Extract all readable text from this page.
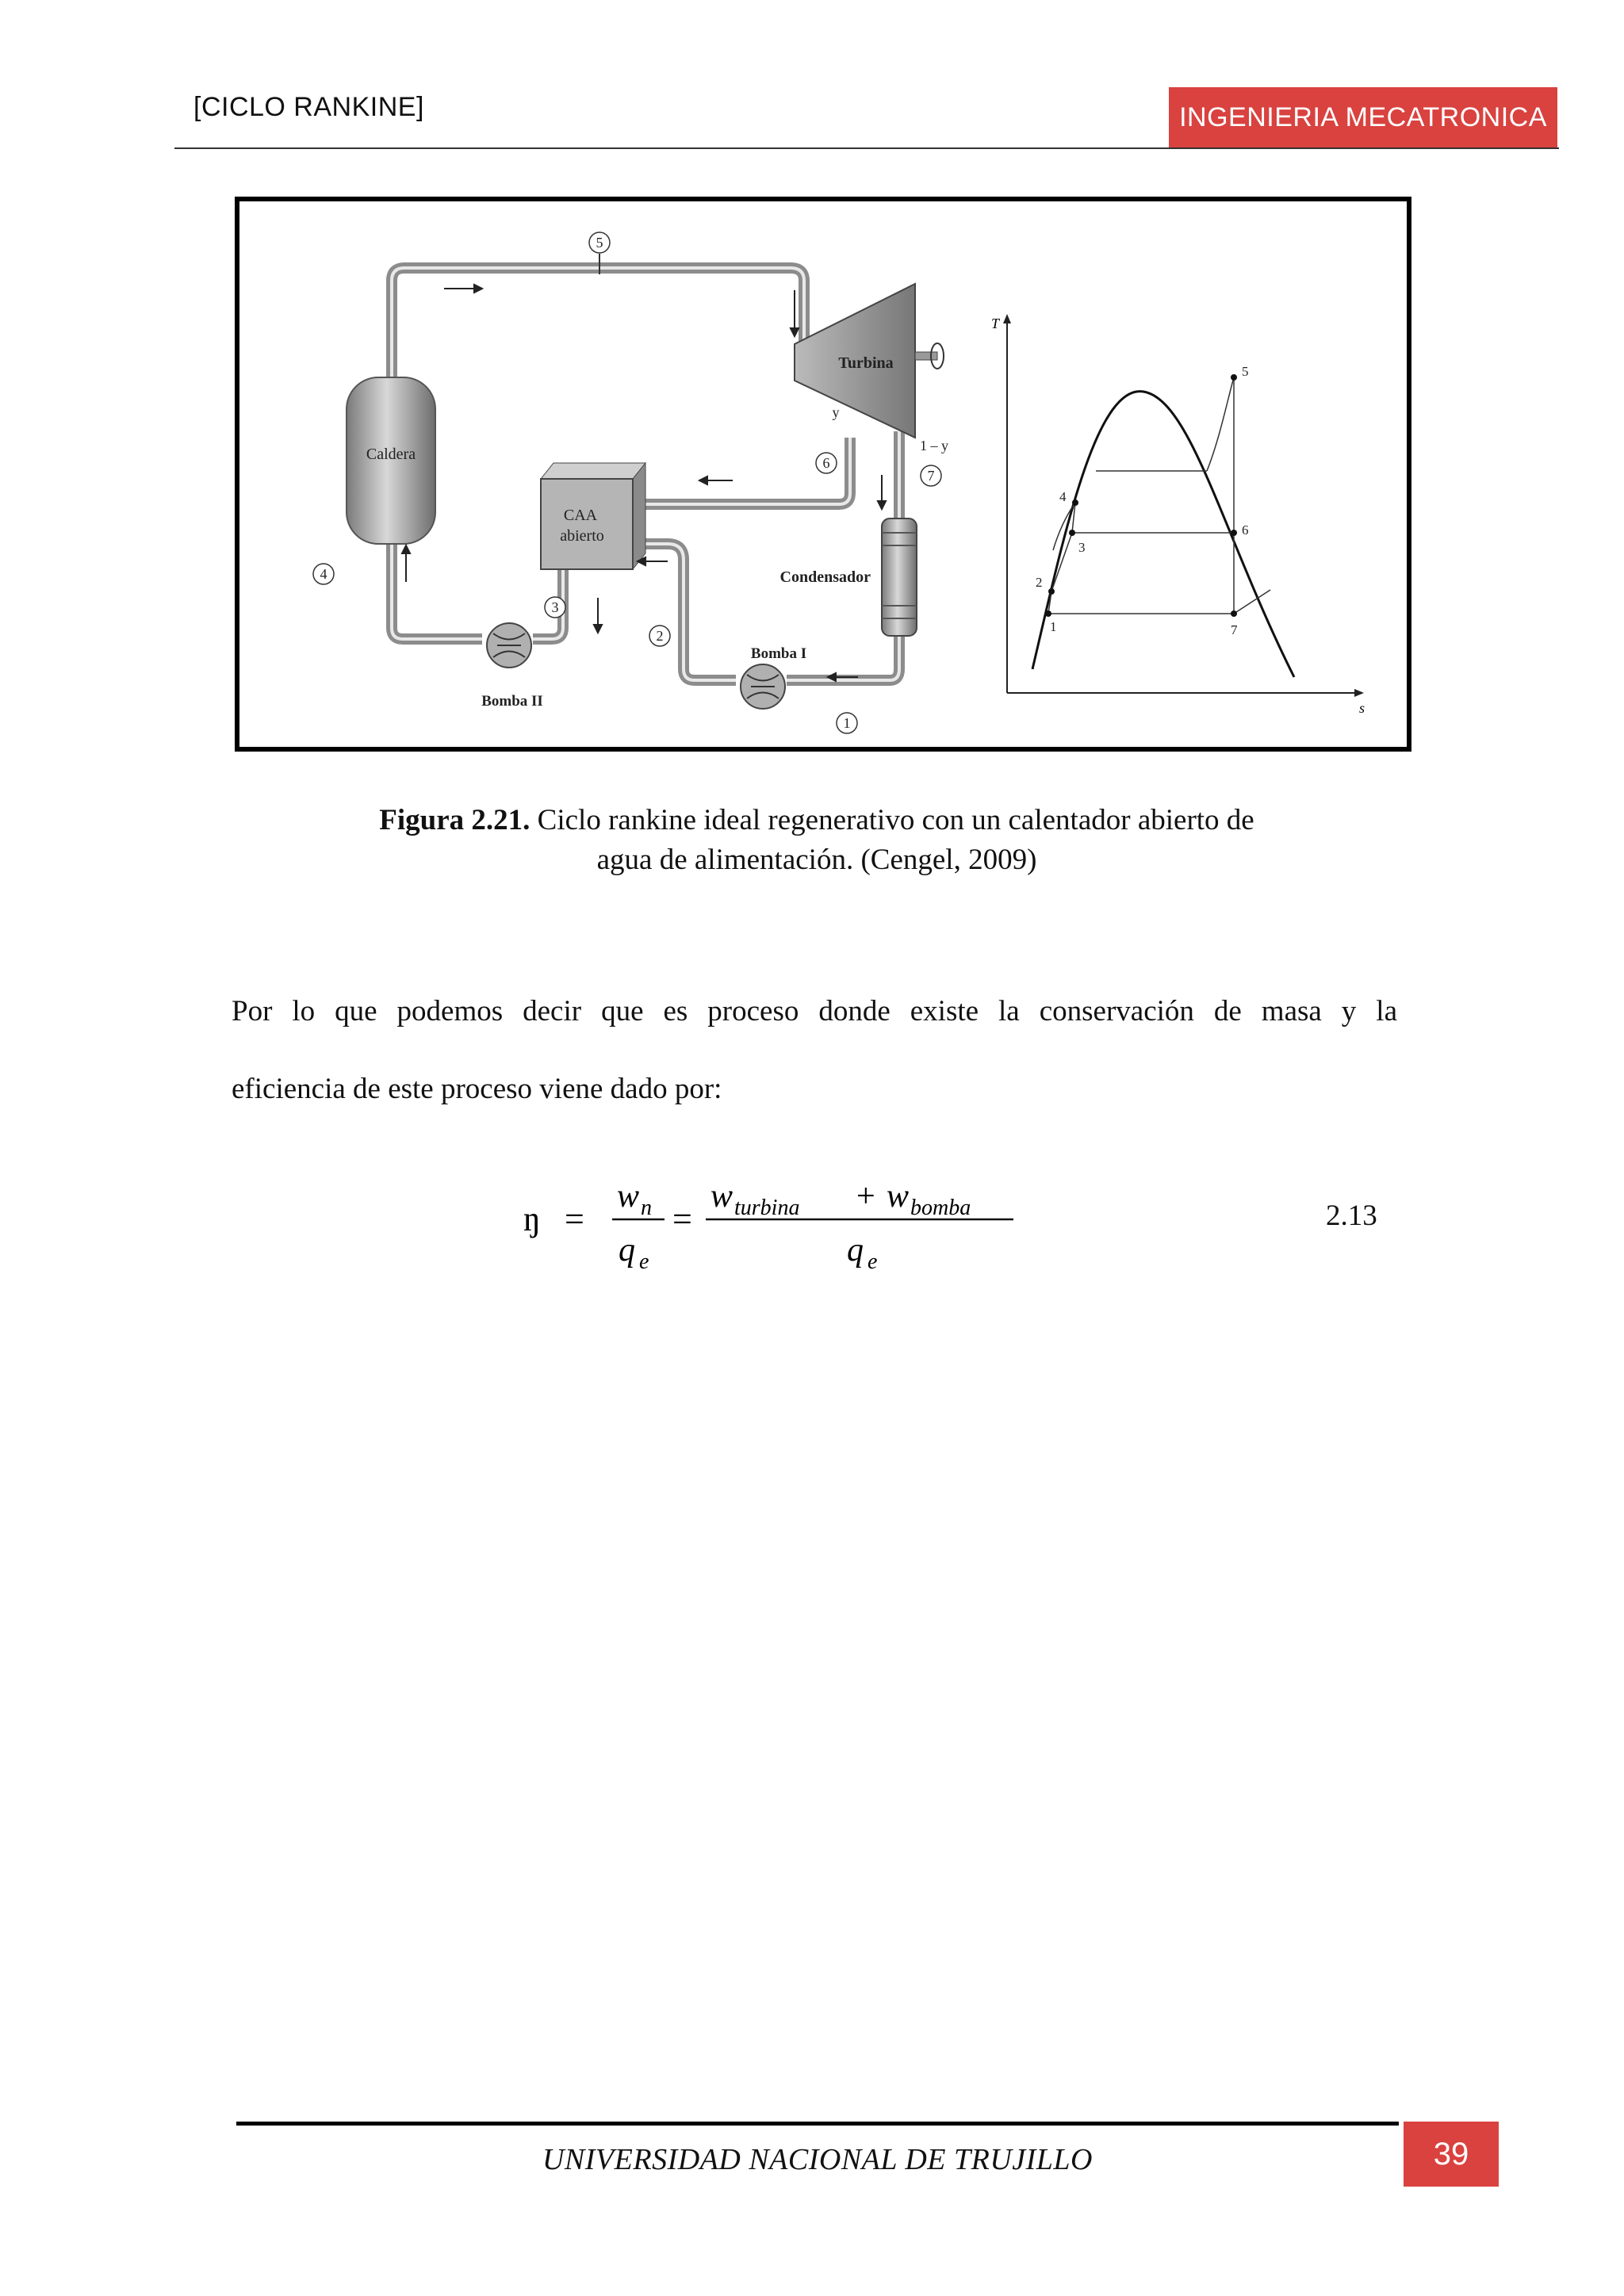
[CICLO RANKINE]	INGENIERIA MECATRONICA
Caldera
Turbina
CAA
abierto
Condensador
Bomba II
Bomba I
5
6
7
4
3
2
1
y
1 – y
T
s
1
2
3
4
5
6
7
Figura 2.21. Ciclo rankine ideal regenerativo con un calentador abierto de
agua de alimentación. (Cengel, 2009)
Por lo que podemos decir que es proceso donde existe la conservación de masa y la
eficiencia de este proceso viene dado por:
ŋ =
w n
q e
=
w turbina + w bomba
q e
2.13
UNIVERSIDAD NACIONAL DE TRUJILLO	39
